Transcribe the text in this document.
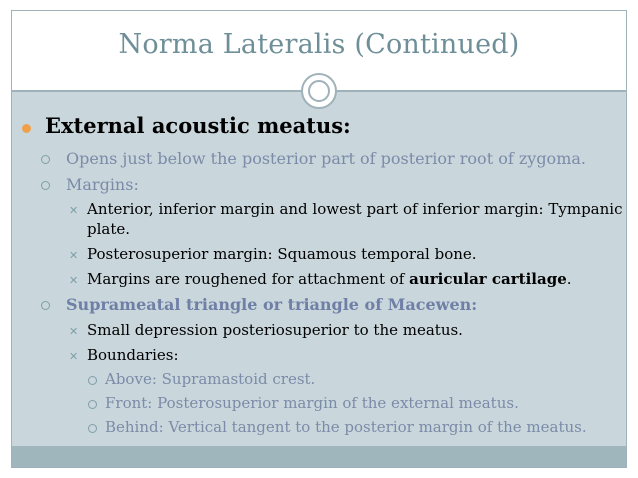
Norma Lateralis (Continued)
External acoustic meatus:
Opens just below the posterior part of posterior root of zygoma.
Margins:
✕ Anterior, inferior margin and lowest part of inferior margin: Tympanic
plate.
✕ Posterosuperior margin: Squamous temporal bone.
✕ Margins are roughened for attachment of auricular cartilage.
Suprameatal triangle or triangle of Macewen:
✕ Small depression posteriosuperior to the meatus.
✕ Boundaries:
Above: Supramastoid crest.
Front: Posterosuperior margin of the external meatus.
Behind: Vertical tangent to the posterior margin of the meatus.
